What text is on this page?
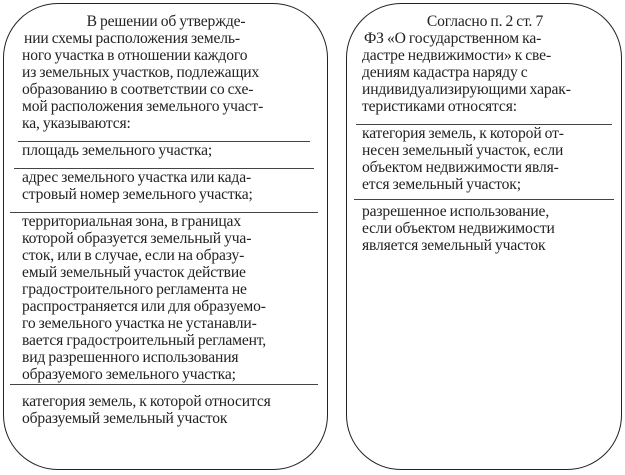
В решении об утвержде-
нии схемы расположения земель-
ного участка в отношении каждого
из земельных участков, подлежащих
образованию в соответствии со схе-
мой расположения земельного участ-
ка, указываются:
площадь земельного участка;
адрес земельного участка или када-
стровый номер земельного участка;
территориальная зона, в границах
которой образуется земельный уча-
сток, или в случае, если на образу-
емый земельный участок действие
градостроительного регламента не
распространяется или для образуемо-
го земельного участка не устанавли-
вается градостроительный регламент,
вид разрешенного использования
образуемого земельного участка;
категория земель, к которой относится
образуемый земельный участок
Согласно п. 2 ст. 7
ФЗ «О государственном ка-
дастре недвижимости» к све-
дениям кадастра наряду с
индивидуализирующими харак-
теристиками относятся:
категория земель, к которой от-
несен земельный участок, если
объектом недвижимости явля-
ется земельный участок;
разрешенное использование,
если объектом недвижимости
является земельный участок
